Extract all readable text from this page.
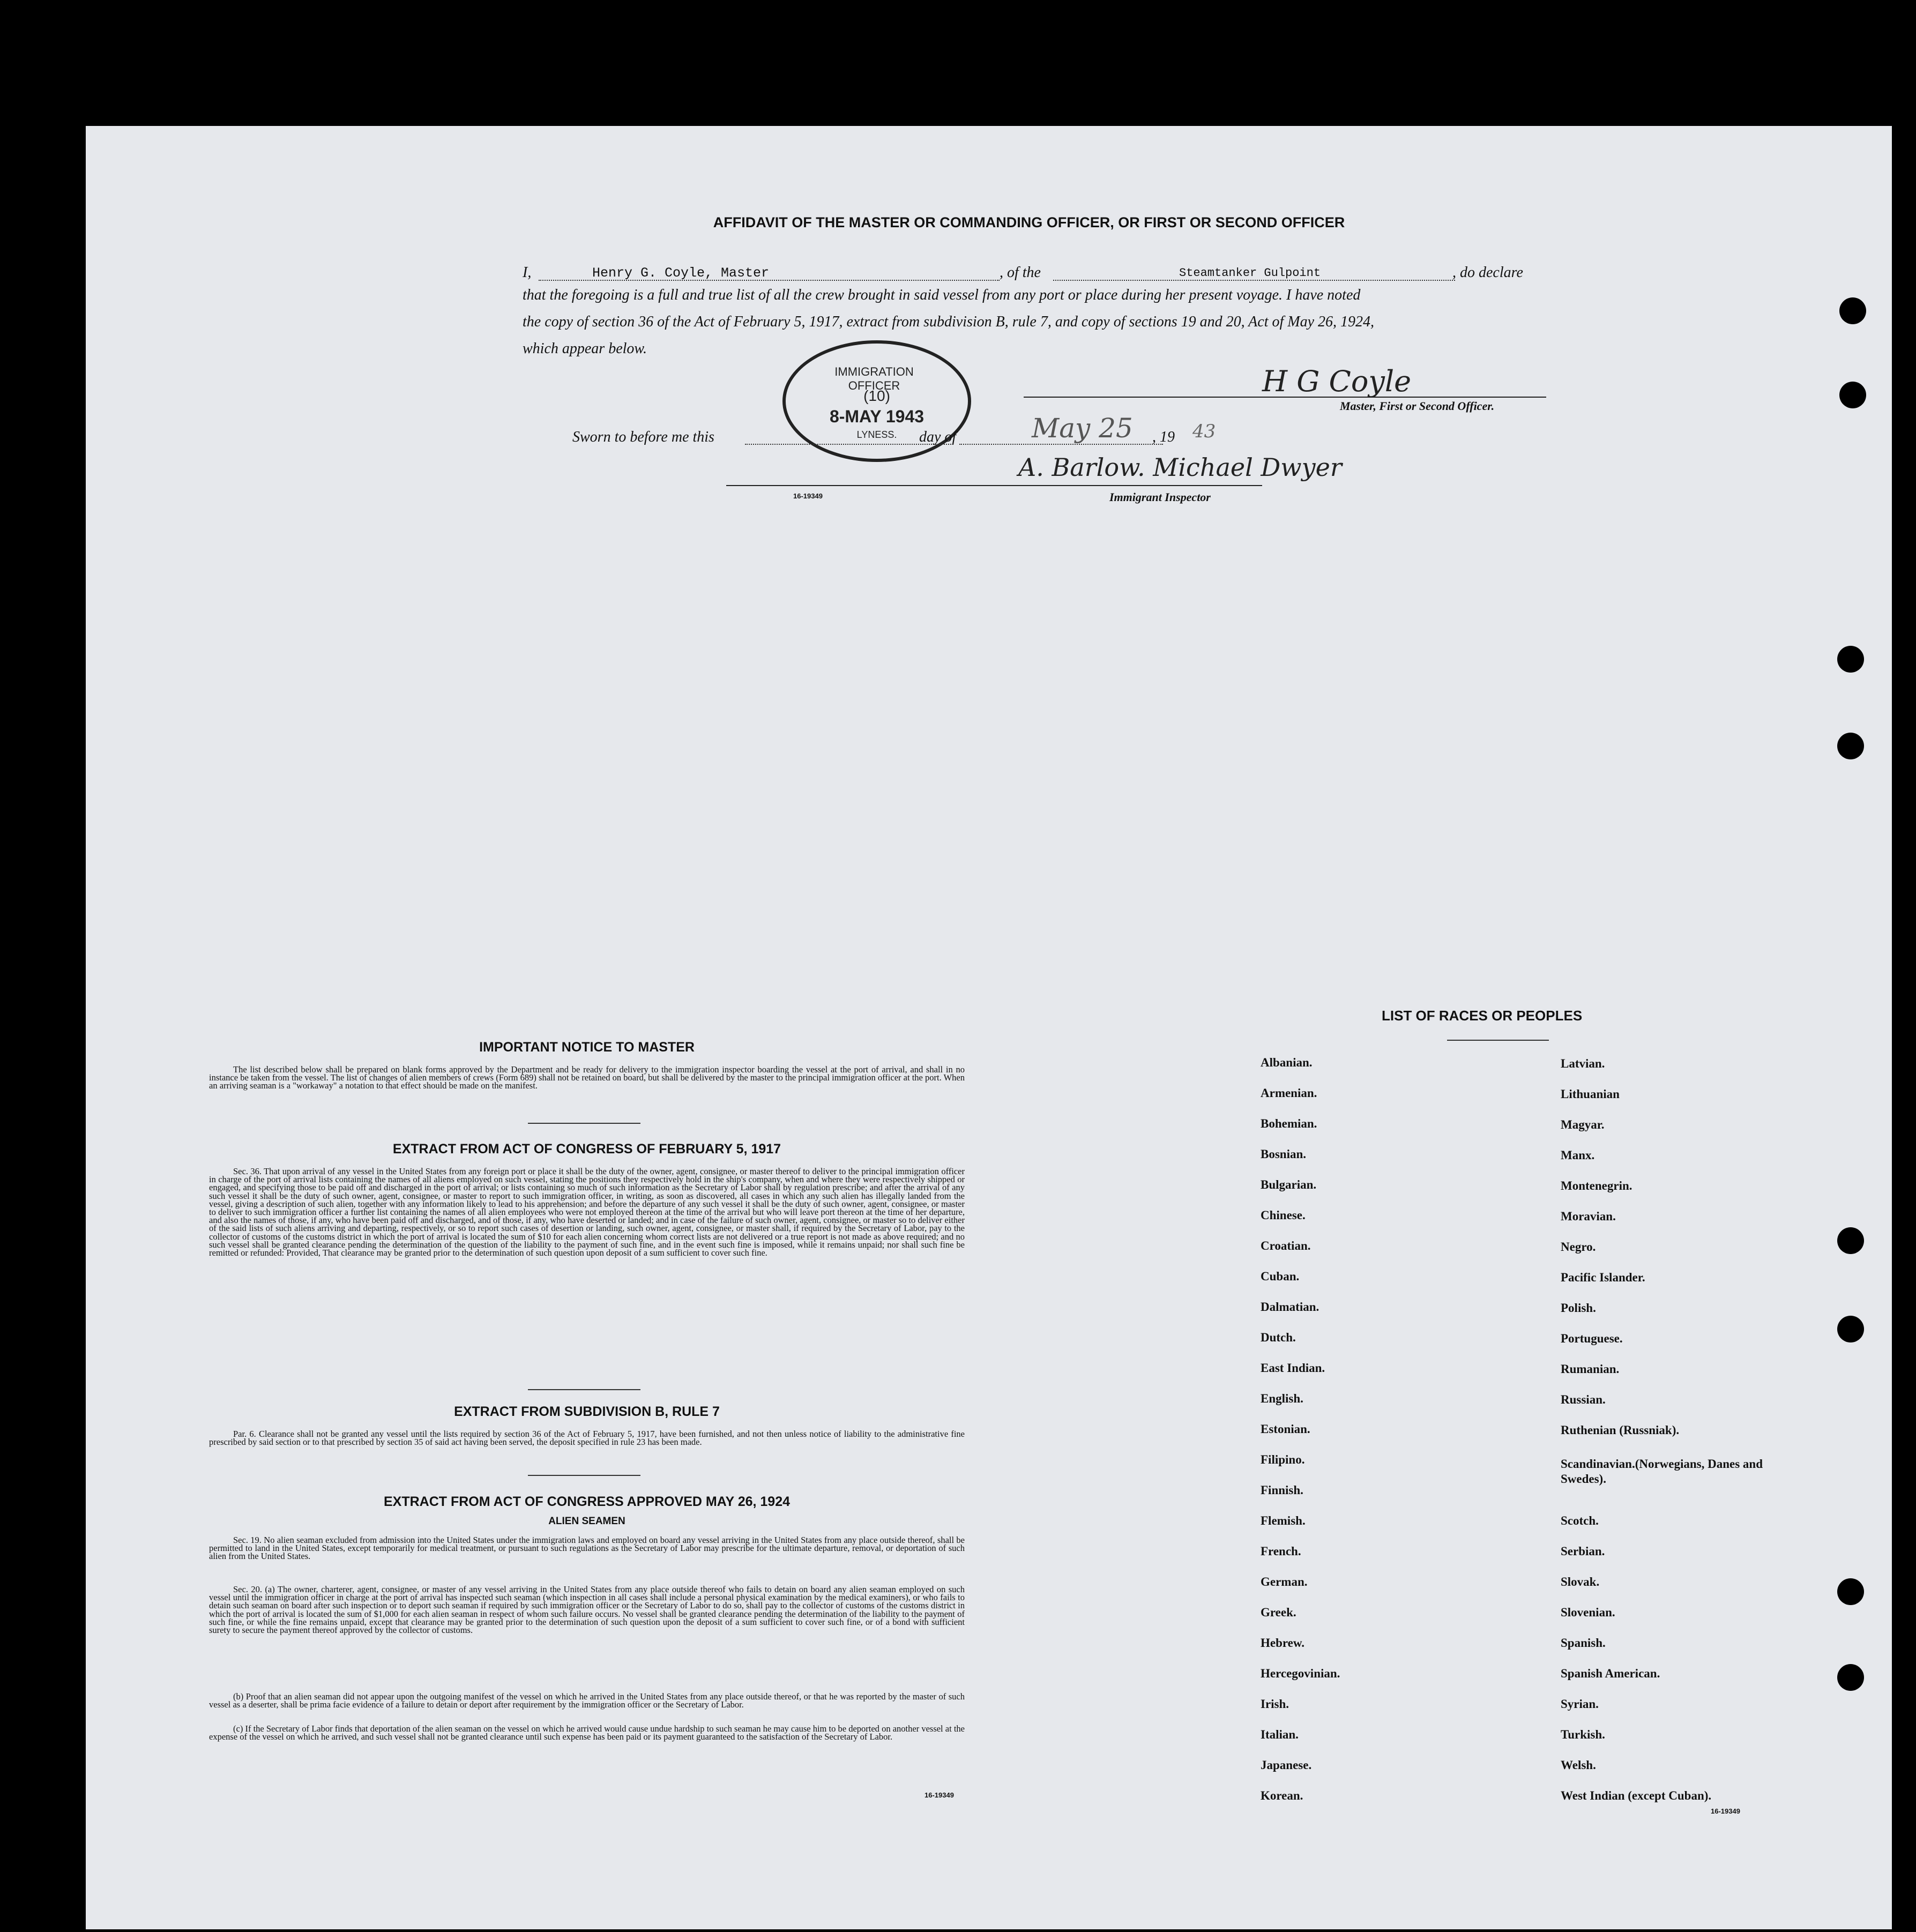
AFFIDAVIT OF THE MASTER OR COMMANDING OFFICER, OR FIRST OR SECOND OFFICER
I,	Henry G. Coyle, Master	, of the	Steamtanker Gulpoint	, do declare
that the foregoing is a full and true list of all the crew brought in said vessel from any port or place during her present voyage. I have noted
the copy of section 36 of the Act of February 5, 1917, extract from subdivision B, rule 7, and copy of sections 19 and 20, Act of May 26, 1924,
which appear below.
IMMIGRATION OFFICER
(10)
8-MAY 1943
LYNESS.
H G Coyle
Master, First or Second Officer.
Sworn to before me this	day of	May 25 , 19 43
A. Barlow. Michael Dwyer
Immigrant Inspector
16-19349
IMPORTANT NOTICE TO MASTER
The list described below shall be prepared on blank forms approved by the Department and be ready for delivery to the immigration inspector boarding the vessel at the port of arrival, and shall in no instance be taken from the vessel. The list of changes of alien members of crews (Form 689) shall not be retained on board, but shall be delivered by the master to the principal immigration officer at the port. When an arriving seaman is a "workaway" a notation to that effect should be made on the manifest.
EXTRACT FROM ACT OF CONGRESS OF FEBRUARY 5, 1917
Sec. 36. That upon arrival of any vessel in the United States from any foreign port or place it shall be the duty of the owner, agent, consignee, or master thereof to deliver to the principal immigration officer in charge of the port of arrival lists containing the names of all aliens employed on such vessel, stating the positions they respectively hold in the ship's company, when and where they were respectively shipped or engaged, and specifying those to be paid off and discharged in the port of arrival; or lists containing so much of such information as the Secretary of Labor shall by regulation prescribe; and after the arrival of any such vessel it shall be the duty of such owner, agent, consignee, or master to report to such immigration officer, in writing, as soon as discovered, all cases in which any such alien has illegally landed from the vessel, giving a description of such alien, together with any information likely to lead to his apprehension; and before the departure of any such vessel it shall be the duty of such owner, agent, consignee, or master to deliver to such immigration officer a further list containing the names of all alien employees who were not employed thereon at the time of the arrival but who will leave port thereon at the time of her departure, and also the names of those, if any, who have been paid off and discharged, and of those, if any, who have deserted or landed; and in case of the failure of such owner, agent, consignee, or master so to deliver either of the said lists of such aliens arriving and departing, respectively, or so to report such cases of desertion or landing, such owner, agent, consignee, or master shall, if required by the Secretary of Labor, pay to the collector of customs of the customs district in which the port of arrival is located the sum of $10 for each alien concerning whom correct lists are not delivered or a true report is not made as above required; and no such vessel shall be granted clearance pending the determination of the question of the liability to the payment of such fine, and in the event such fine is imposed, while it remains unpaid; nor shall such fine be remitted or refunded: Provided, That clearance may be granted prior to the determination of such question upon deposit of a sum sufficient to cover such fine.
EXTRACT FROM SUBDIVISION B, RULE 7
Par. 6. Clearance shall not be granted any vessel until the lists required by section 36 of the Act of February 5, 1917, have been furnished, and not then unless notice of liability to the administrative fine prescribed by said section or to that prescribed by section 35 of said act having been served, the deposit specified in rule 23 has been made.
EXTRACT FROM ACT OF CONGRESS APPROVED MAY 26, 1924
ALIEN SEAMEN
Sec. 19. No alien seaman excluded from admission into the United States under the immigration laws and employed on board any vessel arriving in the United States from any place outside thereof, shall be permitted to land in the United States, except temporarily for medical treatment, or pursuant to such regulations as the Secretary of Labor may prescribe for the ultimate departure, removal, or deportation of such alien from the United States.
Sec. 20. (a) The owner, charterer, agent, consignee, or master of any vessel arriving in the United States from any place outside thereof who fails to detain on board any alien seaman employed on such vessel until the immigration officer in charge at the port of arrival has inspected such seaman (which inspection in all cases shall include a personal physical examination by the medical examiners), or who fails to detain such seaman on board after such inspection or to deport such seaman if required by such immigration officer or the Secretary of Labor to do so, shall pay to the collector of customs of the customs district in which the port of arrival is located the sum of $1,000 for each alien seaman in respect of whom such failure occurs. No vessel shall be granted clearance pending the determination of the liability to the payment of such fine, or while the fine remains unpaid, except that clearance may be granted prior to the determination of such question upon the deposit of a sum sufficient to cover such fine, or of a bond with sufficient surety to secure the payment thereof approved by the collector of customs.
(b) Proof that an alien seaman did not appear upon the outgoing manifest of the vessel on which he arrived in the United States from any place outside thereof, or that he was reported by the master of such vessel as a deserter, shall be prima facie evidence of a failure to detain or deport after requirement by the immigration officer or the Secretary of Labor.
(c) If the Secretary of Labor finds that deportation of the alien seaman on the vessel on which he arrived would cause undue hardship to such seaman he may cause him to be deported on another vessel at the expense of the vessel on which he arrived, and such vessel shall not be granted clearance until such expense has been paid or its payment guaranteed to the satisfaction of the Secretary of Labor.
16-19349
LIST OF RACES OR PEOPLES
Albanian.
Armenian.
Bohemian.
Bosnian.
Bulgarian.
Chinese.
Croatian.
Cuban.
Dalmatian.
Dutch.
East Indian.
English.
Estonian.
Filipino.
Finnish.
Flemish.
French.
German.
Greek.
Hebrew.
Hercegovinian.
Irish.
Italian.
Japanese.
Korean.
Latvian.
Lithuanian
Magyar.
Manx.
Montenegrin.
Moravian.
Negro.
Pacific Islander.
Polish.
Portuguese.
Rumanian.
Russian.
Ruthenian (Russniak).
Scandinavian.(Norwegians, Danes and Swedes).
Scotch.
Serbian.
Slovak.
Slovenian.
Spanish.
Spanish American.
Syrian.
Turkish.
Welsh.
West Indian (except Cuban).
16-19349
